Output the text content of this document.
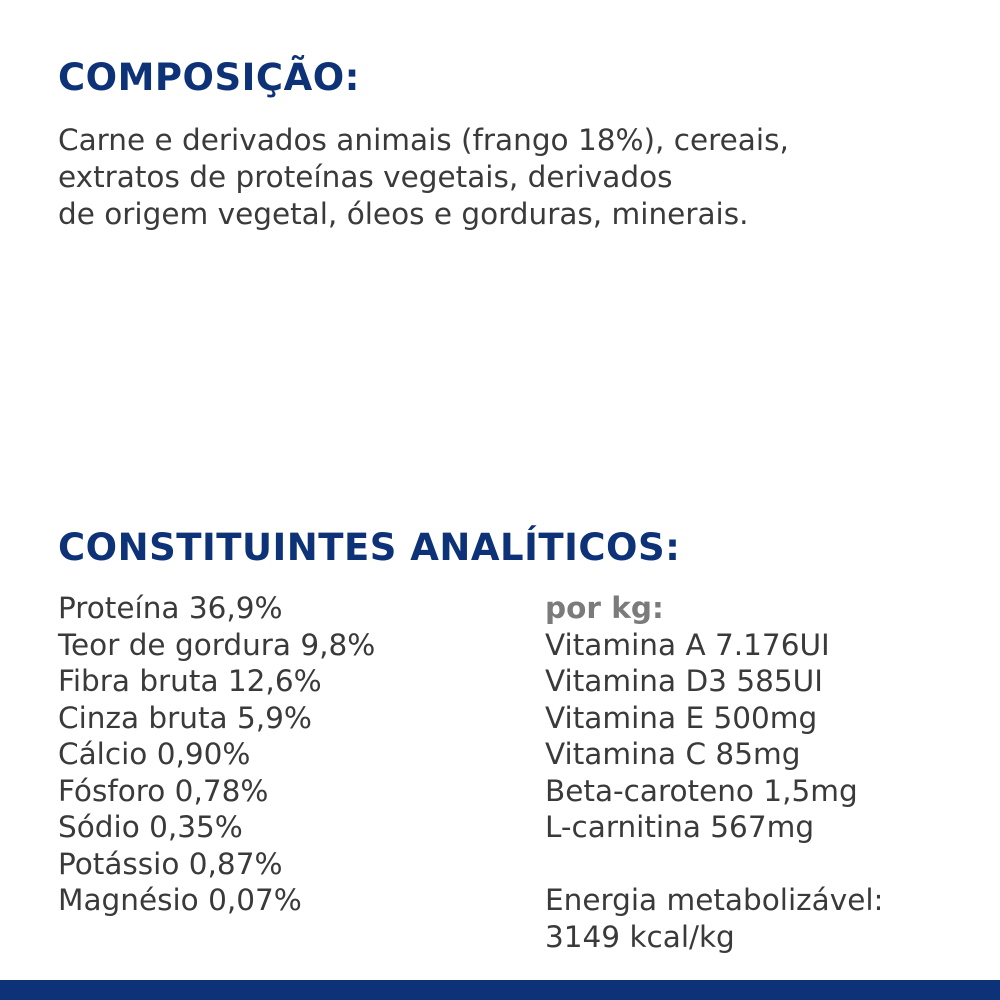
COMPOSIÇÃO:

Carne e derivados animais (frango 18%), cereais,
extratos de proteínas vegetais, derivados
de origem vegetal, óleos e gorduras, minerais.

CONSTITUINTES ANALÍTICOS:
Proteína 36,9%
Teor de gordura 9,8%
Fibra bruta 12,6%
Cinza bruta 5,9%
Cálcio 0,90%
Fósforo 0,78%
Sódio 0,35%
Potássio 0,87%
Magnésio 0,07%
por kg:
Vitamina A 7.176UI
Vitamina D3 585UI
Vitamina E 500mg
Vitamina C 85mg
Beta-caroteno 1,5mg
L-carnitina 567mg
Energia metabolizável:
3149 kcal/kg
